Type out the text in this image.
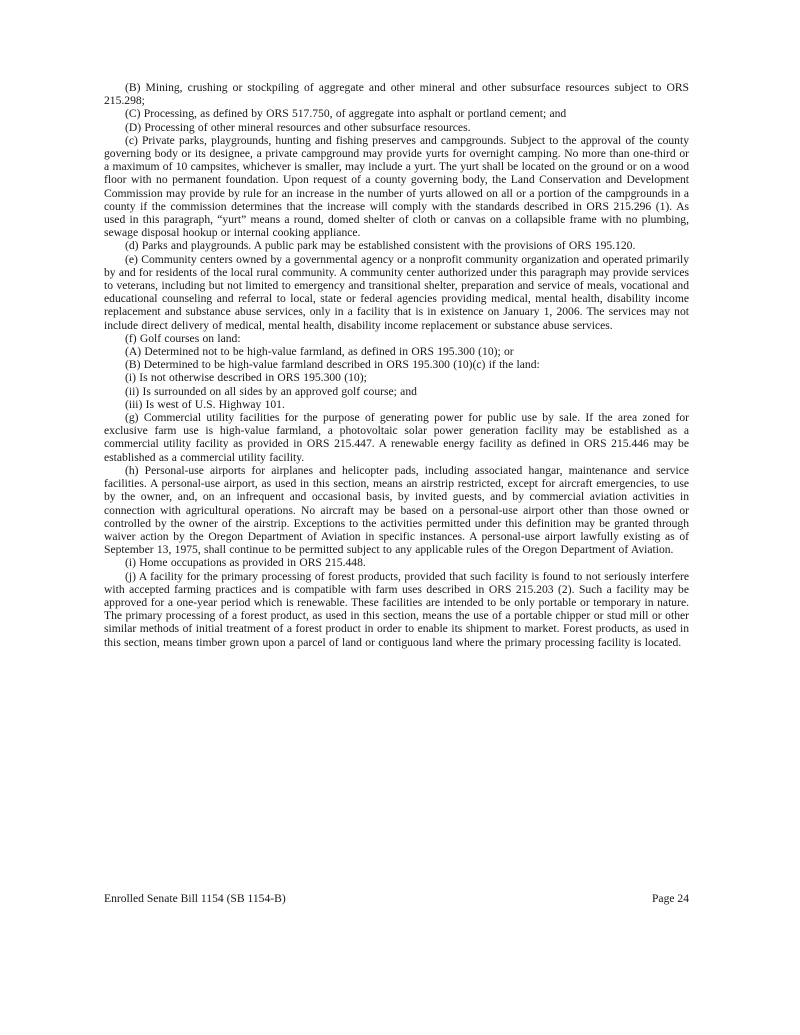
(B) Mining, crushing or stockpiling of aggregate and other mineral and other subsurface resources subject to ORS 215.298;

(C) Processing, as defined by ORS 517.750, of aggregate into asphalt or portland cement; and

(D) Processing of other mineral resources and other subsurface resources.

(c) Private parks, playgrounds, hunting and fishing preserves and campgrounds. Subject to the approval of the county governing body or its designee, a private campground may provide yurts for overnight camping. No more than one-third or a maximum of 10 campsites, whichever is smaller, may include a yurt. The yurt shall be located on the ground or on a wood floor with no permanent foundation. Upon request of a county governing body, the Land Conservation and Development Commission may provide by rule for an increase in the number of yurts allowed on all or a portion of the campgrounds in a county if the commission determines that the increase will comply with the standards described in ORS 215.296 (1). As used in this paragraph, “yurt” means a round, domed shelter of cloth or canvas on a collapsible frame with no plumbing, sewage disposal hookup or internal cooking appliance.

(d) Parks and playgrounds. A public park may be established consistent with the provisions of ORS 195.120.

(e) Community centers owned by a governmental agency or a nonprofit community organization and operated primarily by and for residents of the local rural community. A community center authorized under this paragraph may provide services to veterans, including but not limited to emergency and transitional shelter, preparation and service of meals, vocational and educational counseling and referral to local, state or federal agencies providing medical, mental health, disability income replacement and substance abuse services, only in a facility that is in existence on January 1, 2006. The services may not include direct delivery of medical, mental health, disability income replacement or substance abuse services.

(f) Golf courses on land:

(A) Determined not to be high-value farmland, as defined in ORS 195.300 (10); or

(B) Determined to be high-value farmland described in ORS 195.300 (10)(c) if the land:

(i) Is not otherwise described in ORS 195.300 (10);

(ii) Is surrounded on all sides by an approved golf course; and

(iii) Is west of U.S. Highway 101.

(g) Commercial utility facilities for the purpose of generating power for public use by sale. If the area zoned for exclusive farm use is high-value farmland, a photovoltaic solar power generation facility may be established as a commercial utility facility as provided in ORS 215.447. A renewable energy facility as defined in ORS 215.446 may be established as a commercial utility facility.

(h) Personal-use airports for airplanes and helicopter pads, including associated hangar, maintenance and service facilities. A personal-use airport, as used in this section, means an airstrip restricted, except for aircraft emergencies, to use by the owner, and, on an infrequent and occasional basis, by invited guests, and by commercial aviation activities in connection with agricultural operations. No aircraft may be based on a personal-use airport other than those owned or controlled by the owner of the airstrip. Exceptions to the activities permitted under this definition may be granted through waiver action by the Oregon Department of Aviation in specific instances. A personal-use airport lawfully existing as of September 13, 1975, shall continue to be permitted subject to any applicable rules of the Oregon Department of Aviation.

(i) Home occupations as provided in ORS 215.448.

(j) A facility for the primary processing of forest products, provided that such facility is found to not seriously interfere with accepted farming practices and is compatible with farm uses described in ORS 215.203 (2). Such a facility may be approved for a one-year period which is renewable. These facilities are intended to be only portable or temporary in nature. The primary processing of a forest product, as used in this section, means the use of a portable chipper or stud mill or other similar methods of initial treatment of a forest product in order to enable its shipment to market. Forest products, as used in this section, means timber grown upon a parcel of land or contiguous land where the primary processing facility is located.

Enrolled Senate Bill 1154 (SB 1154-B)	Page 24
